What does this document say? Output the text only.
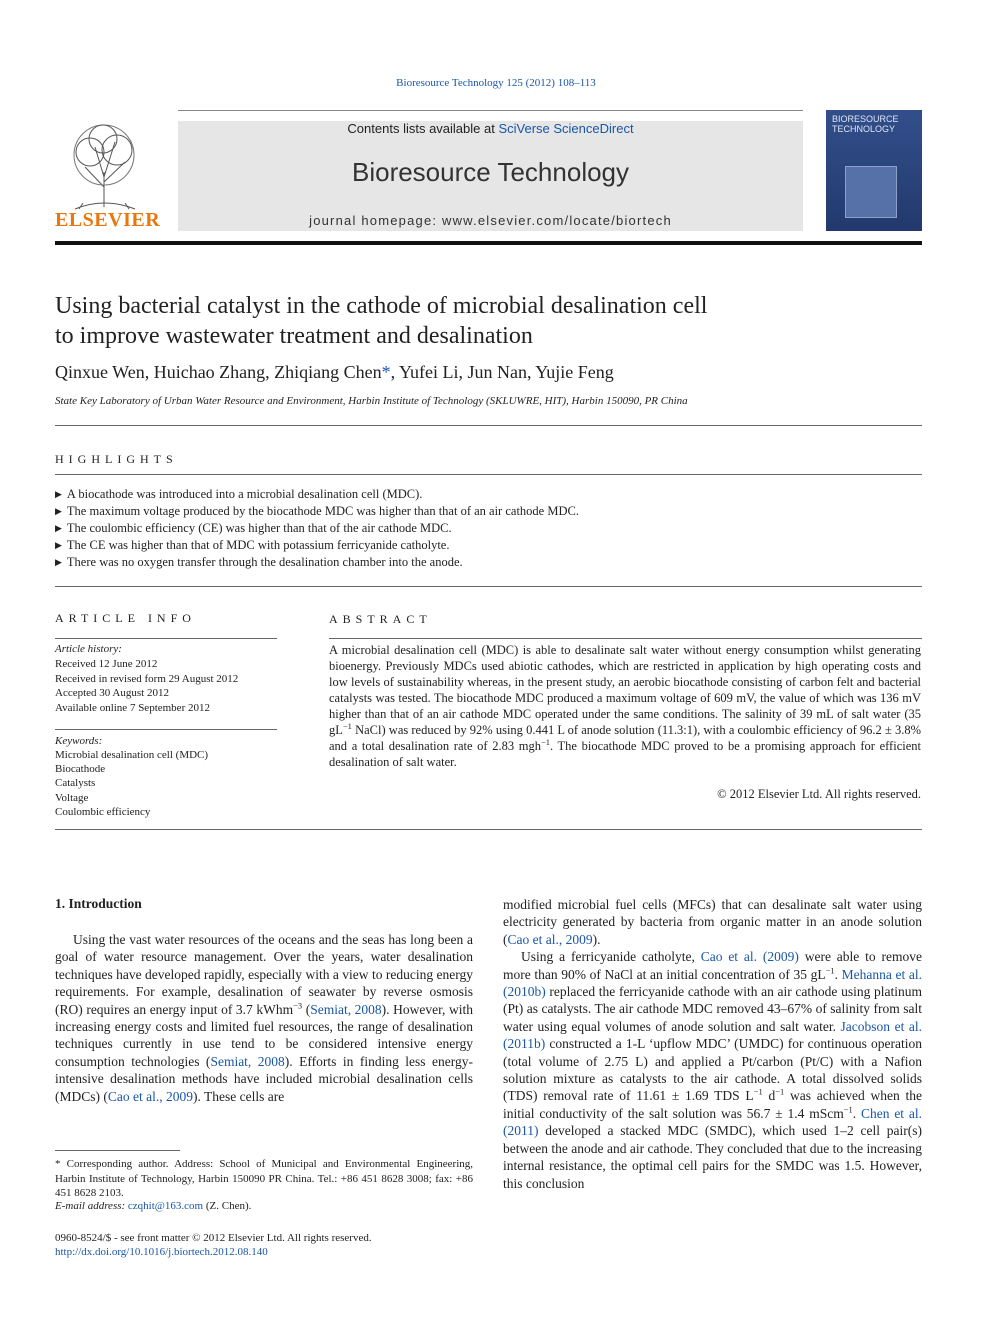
Bioresource Technology 125 (2012) 108–113
ELSEVIER
Contents lists available at SciVerse ScienceDirect
Bioresource Technology
journal homepage: www.elsevier.com/locate/biortech
BIORESOURCE TECHNOLOGY
Using bacterial catalyst in the cathode of microbial desalination cell
to improve wastewater treatment and desalination
Qinxue Wen, Huichao Zhang, Zhiqiang Chen*, Yufei Li, Jun Nan, Yujie Feng
State Key Laboratory of Urban Water Resource and Environment, Harbin Institute of Technology (SKLUWRE, HIT), Harbin 150090, PR China
HIGHLIGHTS
▶ A biocathode was introduced into a microbial desalination cell (MDC).
▶ The maximum voltage produced by the biocathode MDC was higher than that of an air cathode MDC.
▶ The coulombic efficiency (CE) was higher than that of the air cathode MDC.
▶ The CE was higher than that of MDC with potassium ferricyanide catholyte.
▶ There was no oxygen transfer through the desalination chamber into the anode.
ARTICLE INFO
Article history:
Received 12 June 2012
Received in revised form 29 August 2012
Accepted 30 August 2012
Available online 7 September 2012
Keywords:
Microbial desalination cell (MDC)
Biocathode
Catalysts
Voltage
Coulombic efficiency
ABSTRACT
A microbial desalination cell (MDC) is able to desalinate salt water without energy consumption whilst generating bioenergy. Previously MDCs used abiotic cathodes, which are restricted in application by high operating costs and low levels of sustainability whereas, in the present study, an aerobic biocathode consisting of carbon felt and bacterial catalysts was tested. The biocathode MDC produced a maximum voltage of 609 mV, the value of which was 136 mV higher than that of an air cathode MDC operated under the same conditions. The salinity of 39 mL of salt water (35 $gL^{-1}$ NaCl) was reduced by 92% using 0.441 L of anode solution (11.3:1), with a coulombic efficiency of 96.2 ± 3.8% and a total desalination rate of 2.83 mgh$^{-1}$. The biocathode MDC proved to be a promising approach for efficient desalination of salt water.
© 2012 Elsevier Ltd. All rights reserved.
1. Introduction

Using the vast water resources of the oceans and the seas has long been a goal of water resource management. Over the years, water desalination techniques have developed rapidly, especially with a view to reducing energy requirements. For example, desalination of seawater by reverse osmosis (RO) requires an energy input of 3.7 kWhm$^{-3}$ (Semiat, 2008). However, with increasing energy costs and limited fuel resources, the range of desalination techniques currently in use tend to be considered intensive energy consumption technologies (Semiat, 2008). Efforts in finding less energy-intensive desalination methods have included microbial desalination cells (MDCs) (Cao et al., 2009). These cells are

modified microbial fuel cells (MFCs) that can desalinate salt water using electricity generated by bacteria from organic matter in an anode solution (Cao et al., 2009).

Using a ferricyanide catholyte, Cao et al. (2009) were able to remove more than 90% of NaCl at an initial concentration of 35 $gL^{-1}$. Mehanna et al. (2010b) replaced the ferricyanide cathode with an air cathode using platinum (Pt) as catalysts. The air cathode MDC removed 43–67% of salinity from salt water using equal volumes of anode solution and salt water. Jacobson et al. (2011b) constructed a 1-L ‘upflow MDC’ (UMDC) for continuous operation (total volume of 2.75 L) and applied a Pt/carbon (Pt/C) with a Nafion solution mixture as catalysts to the air cathode. A total dissolved solids (TDS) removal rate of 11.61 ± 1.69 TDS $L^{-1}$ $d^{-1}$ was achieved when the initial conductivity of the salt solution was 56.7 ± 1.4 mScm$^{-1}$. Chen et al. (2011) developed a stacked MDC (SMDC), which used 1–2 cell pair(s) between the anode and air cathode. They concluded that due to the increasing internal resistance, the optimal cell pairs for the SMDC was 1.5. However, this conclusion

* Corresponding author. Address: School of Municipal and Environmental Engineering, Harbin Institute of Technology, Harbin 150090 PR China. Tel.: +86 451 8628 3008; fax: +86 451 8628 2103.
E-mail address: czqhit@163.com (Z. Chen).
0960-8524/$ - see front matter © 2012 Elsevier Ltd. All rights reserved.
http://dx.doi.org/10.1016/j.biortech.2012.08.140
